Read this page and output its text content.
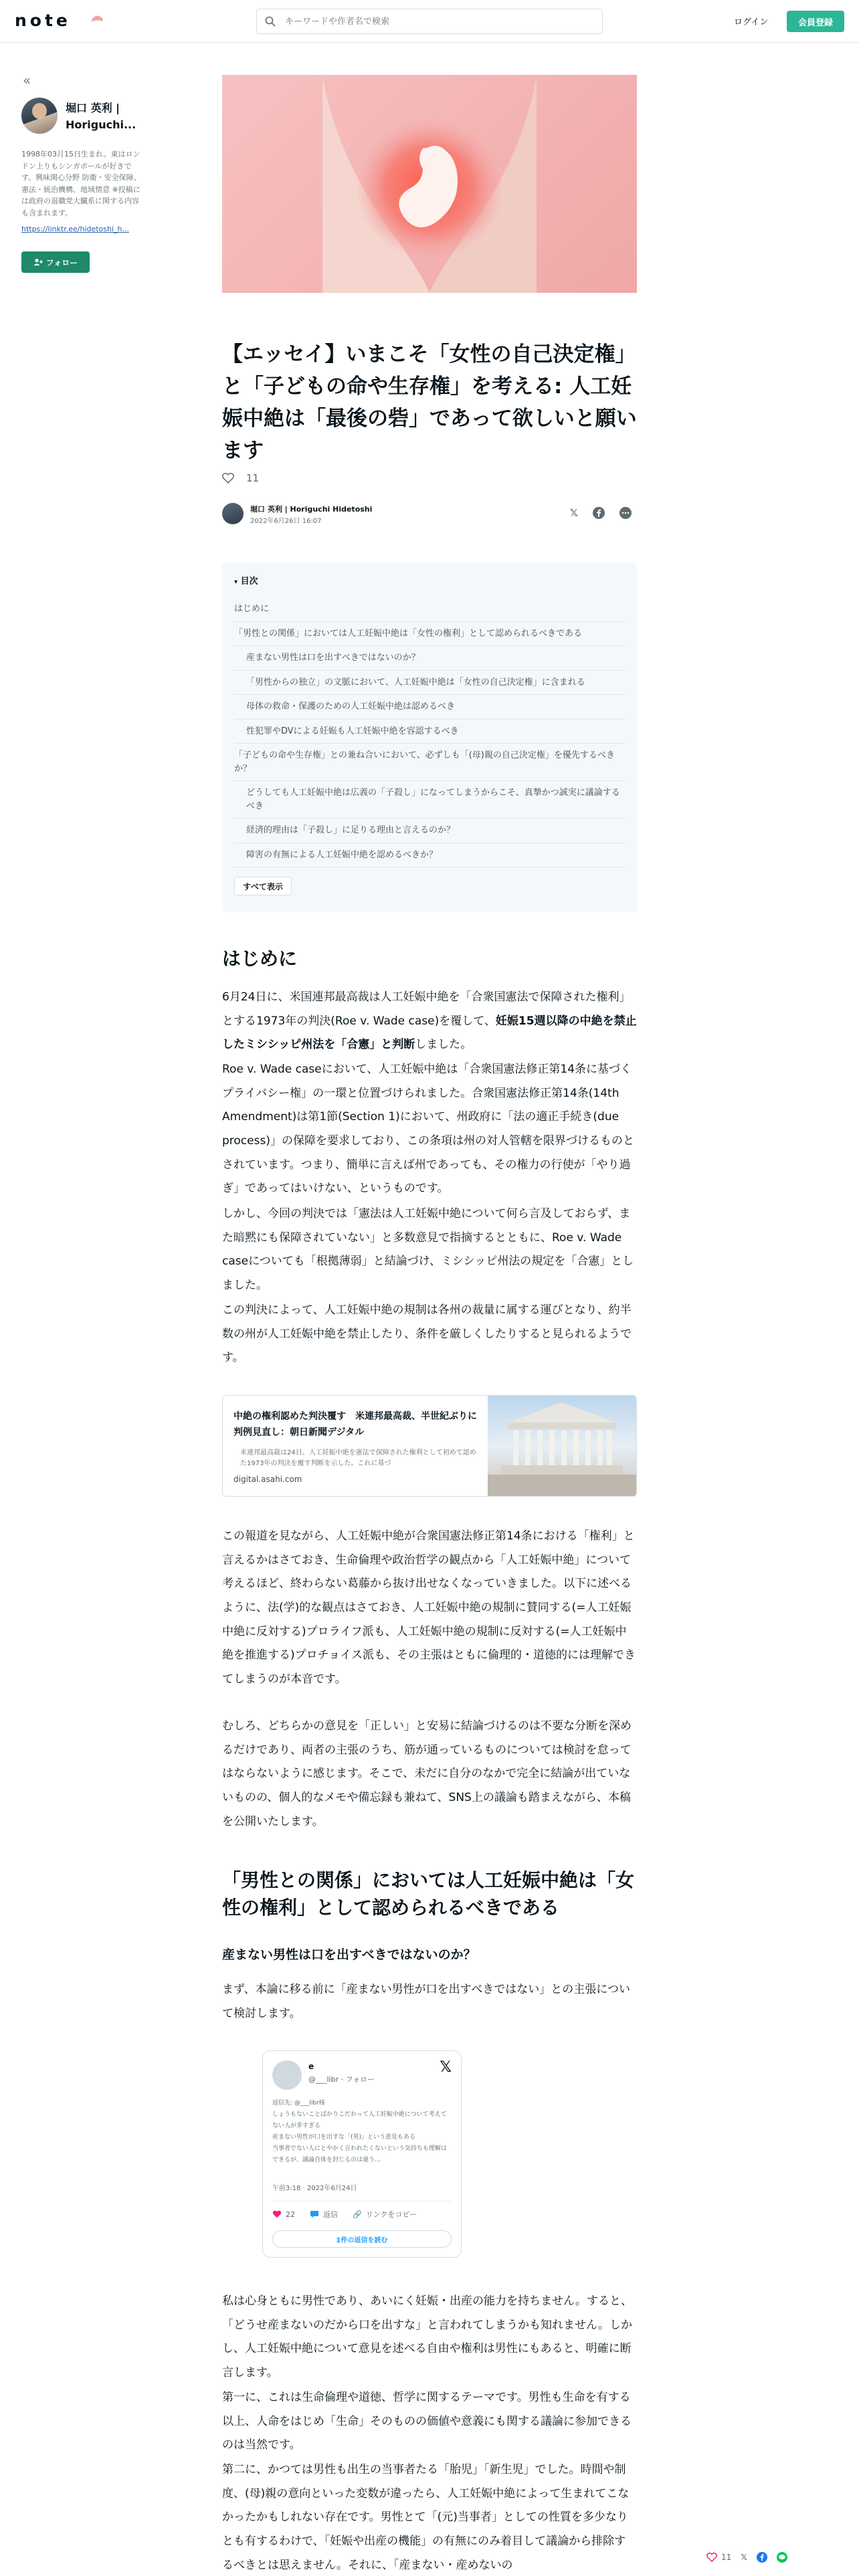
note
キーワードや作者名で検索	ログイン	会員登録
«
堀口 英利 | Horiguchi...
1998年03月15日生まれ。東はロンドン上りもシンガポールが好きです。興味関心分野 防衛・安全保障、憲法・統治機構、地域情意 ※投稿には政府の退職党大臓系に関する内容も含まれます。
https://linktr.ee/hidetoshi_h...
フォロー
【エッセイ】いまこそ「女性の自己決定権」と「子どもの命や生存権」を考える: 人工妊娠中絶は「最後の砦」であって欲しいと願います
11
堀口 英利 | Horiguchi Hidetoshi
2022年6月26日 16:07
𝕏
▾ 目次
はじめに
「男性との関係」においては人工妊娠中絶は「女性の権利」として認められるべきである
産まない男性は口を出すべきではないのか？
「男性からの独立」の文脈において、人工妊娠中絶は「女性の自己決定権」に含まれる
母体の救命・保護のための人工妊娠中絶は認めるべき
性犯罪やDVによる妊娠も人工妊娠中絶を容認するべき
「子どもの命や生存権」との兼ね合いにおいて、必ずしも「(母)親の自己決定権」を優先するべきか？
どうしても人工妊娠中絶は広義の「子殺し」になってしまうからこそ、真摯かつ誠実に議論するべき
経済的理由は「子殺し」に足りる理由と言えるのか？
障害の有無による人工妊娠中絶を認めるべきか？
すべて表示
はじめに

6月24日に、米国連邦最高裁は人工妊娠中絶を「合衆国憲法で保障された権利」とする1973年の判決(Roe v. Wade case)を覆して、妊娠15週以降の中絶を禁止したミシシッピ州法を「合憲」と判断しました。

Roe v. Wade caseにおいて、人工妊娠中絶は「合衆国憲法修正第14条に基づくプライバシー権」の一環と位置づけられました。合衆国憲法修正第14条(14th Amendment)は第1節(Section 1)において、州政府に「法の適正手続き(due process)」の保障を要求しており、この条項は州の対人管轄を限界づけるものとされています。つまり、簡単に言えば州であっても、その権力の行使が「やり過ぎ」であってはいけない、というものです。

しかし、今回の判決では「憲法は人工妊娠中絶について何ら言及しておらず、また暗黙にも保障されていない」と多数意見で指摘するとともに、Roe v. Wade caseについても「根拠薄弱」と結論づけ、ミシシッピ州法の規定を「合憲」としました。

この判決によって、人工妊娠中絶の規制は各州の裁量に属する運びとなり、約半数の州が人工妊娠中絶を禁止したり、条件を厳しくしたりすると見られるようです。

中絶の権利認めた判決覆す　米連邦最高裁、半世紀ぶりに判例見直し：朝日新聞デジタル
米連邦最高裁は24日、人工妊娠中絶を憲法で保障された権利として初めて認めた1973年の判決を覆す判断を示した。これに基づ
digital.asahi.com

この報道を見ながら、人工妊娠中絶が合衆国憲法修正第14条における「権利」と言えるかはさておき、生命倫理や政治哲学の観点から「人工妊娠中絶」について考えるほど、終わらない葛藤から抜け出せなくなっていきました。以下に述べるように、法(学)的な観点はさておき、人工妊娠中絶の規制に賛同する(=人工妊娠中絶に反対する)プロライフ派も、人工妊娠中絶の規制に反対する(=人工妊娠中絶を推進する)プロチョイス派も、その主張はともに倫理的・道徳的には理解できてしまうのが本音です。

むしろ、どちらかの意見を「正しい」と安易に結論づけるのは不要な分断を深めるだけであり、両者の主張のうち、筋が通っているものについては検討を怠ってはならないように感じます。そこで、未だに自分のなかで完全に結論が出ていないものの、個人的なメモや備忘録も兼ねて、SNS上の議論も踏まえながら、本稿を公開いたします。

「男性との関係」においては人工妊娠中絶は「女性の権利」として認められるべきである
産まない男性は口を出すべきではないのか？

まず、本論に移る前に「産まない男性が口を出すべきではない」との主張について検討します。

e
@___libr · フォロー
𝕏
返信先: @___libr様
しょうもないことばかりこだわって人工妊娠中絶について考えてない人が多すぎる
産まない男性が口を出すな「(男)」という意見もある
当事者でない人にとやかく言われたくないという気持ちも理解はできるが、議論自体を封じるのは違う…
午前3:18 · 2022年6月24日
22	返信 🔗 リンクをコピー
1件の返信を読む

私は心身ともに男性であり、あいにく妊娠・出産の能力を持ちません。すると、「どうせ産まないのだから口を出すな」と言われてしまうかも知れません。しかし、人工妊娠中絶について意見を述べる自由や権利は男性にもあると、明確に断言します。

第一に、これは生命倫理や道徳、哲学に関するテーマです。男性も生命を有する以上、人命をはじめ「生命」そのものの価値や意義にも関する議論に参加できるのは当然です。

第二に、かつては男性も出生の当事者たる「胎児」「新生児」でした。時間や制度、(母)親の意向といった変数が違ったら、人工妊娠中絶によって生まれてこなかったかもしれない存在です。男性とて「(元)当事者」としての性質を多少なりとも有するわけで、「妊娠や出産の機能」の有無にのみ着目して議論から排除するべきとは思えません。それに、「産まない・産めないの

11 𝕏
